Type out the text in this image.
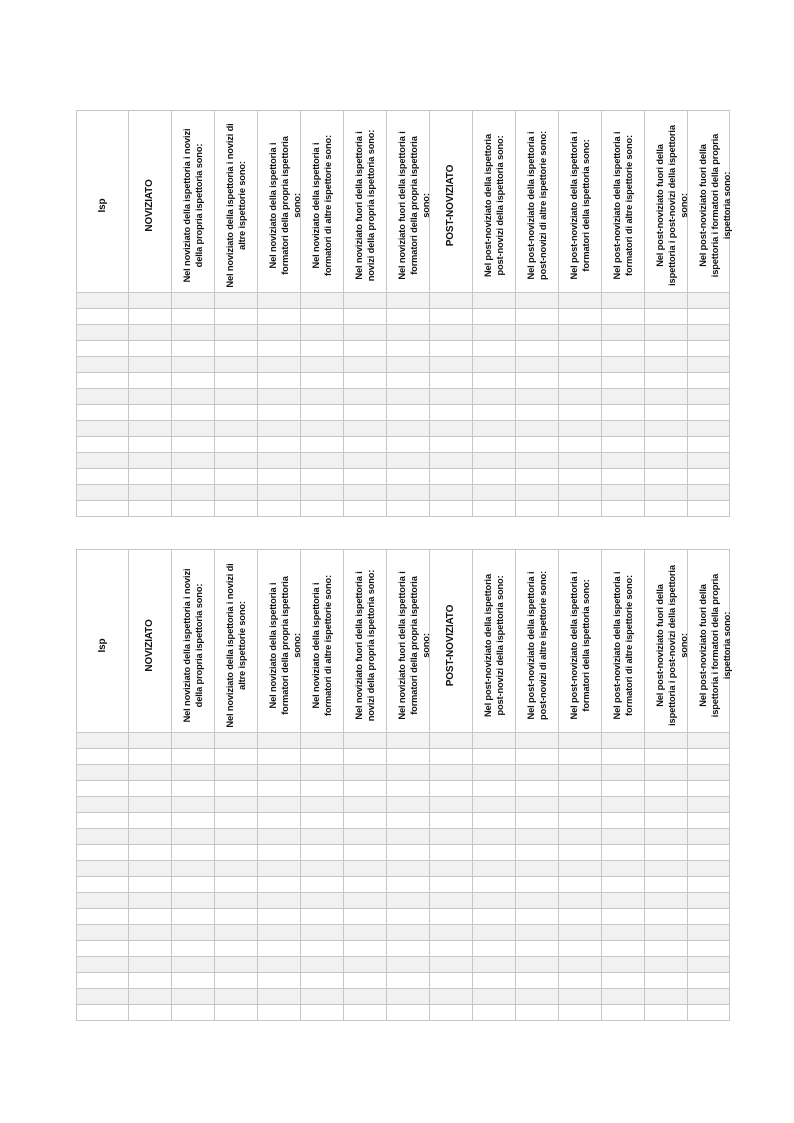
Isp	NOVIZIATO	Nel noviziato della ispettoria i novizi della propria ispettoria sono:	Nel noviziato della ispettoria i novizi di altre ispettorie sono:	Nel noviziato della ispettoria i formatori della propria ispettoria sono:	Nel noviziato della ispettoria i formatori di altre ispettorie sono:	Nel noviziato fuori della ispettoria i novizi della propria ispettoria sono:	Nel noviziato fuori della ispettoria i formatori della propria ispettoria sono:	POST-NOVIZIATO	Nel post-noviziato della ispettoria post-novizi della ispettoria sono:	Nel post-noviziato della ispettoria i post-novizi di altre ispettorie sono:	Nel post-noviziato della ispettoria i formatori della ispettoria sono:	Nel post-noviziato della ispettoria i formatori di altre ispettorie sono:	Nel post-noviziato fuori della ispettoria i post-novizi della ispettoria sono:	Nel post-noviziato fuori della ispettoria i formatori della propria ispettoria sono:

Isp	NOVIZIATO	Nel noviziato della ispettoria i novizi della propria ispettoria sono:	Nel noviziato della ispettoria i novizi di altre ispettorie sono:	Nel noviziato della ispettoria i formatori della propria ispettoria sono:	Nel noviziato della ispettoria i formatori di altre ispettorie sono:	Nel noviziato fuori della ispettoria i novizi della propria ispettoria sono:	Nel noviziato fuori della ispettoria i formatori della propria ispettoria sono:	POST-NOVIZIATO	Nel post-noviziato della ispettoria post-novizi della ispettoria sono:	Nel post-noviziato della ispettoria i post-novizi di altre ispettorie sono:	Nel post-noviziato della ispettoria i formatori della ispettoria sono:	Nel post-noviziato della ispettoria i formatori di altre ispettorie sono:	Nel post-noviziato fuori della ispettoria i post-novizi della ispettoria sono:	Nel post-noviziato fuori della ispettoria i formatori della propria ispettoria sono:
